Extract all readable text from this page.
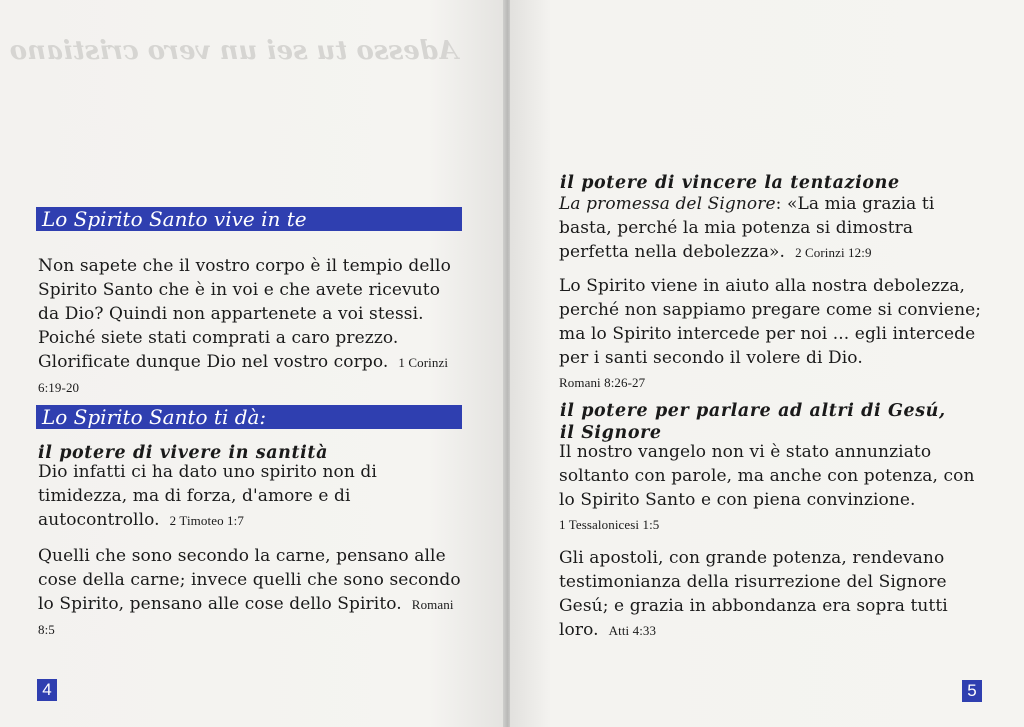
Adesso tu sei un vero cristiano
Lo Spirito Santo vive in te
Non sapete che il vostro corpo è il tempio dello Spirito Santo che è in voi e che avete ricevuto da Dio? Quindi non appartenete a voi stessi. Poiché siete stati comprati a caro prezzo. Glorificate dunque Dio nel vostro corpo. 1 Corinzi 6:19-20
Lo Spirito Santo ti dà:
il potere di vivere in santità
Dio infatti ci ha dato uno spirito non di timidezza, ma di forza, d'amore e di autocontrollo. 2 Timoteo 1:7
Quelli che sono secondo la carne, pensano alle cose della carne; invece quelli che sono secondo lo Spirito, pensano alle cose dello Spirito. Romani 8:5
4
il potere di vincere la tentazione
La promessa del Signore: «La mia grazia ti basta, perché la mia potenza si dimostra perfetta nella debolezza». 2 Corinzi 12:9
Lo Spirito viene in aiuto alla nostra debolezza, perché non sappiamo pregare come si conviene; ma lo Spirito intercede per noi ... egli intercede per i santi secondo il volere di Dio.
Romani 8:26-27
il potere per parlare ad altri di Gesú,
il Signore
Il nostro vangelo non vi è stato annunziato soltanto con parole, ma anche con potenza, con lo Spirito Santo e con piena convinzione.
1 Tessalonicesi 1:5
Gli apostoli, con grande potenza, rendevano testimonianza della risurrezione del Signore Gesú; e grazia in abbondanza era sopra tutti loro. Atti 4:33
5
